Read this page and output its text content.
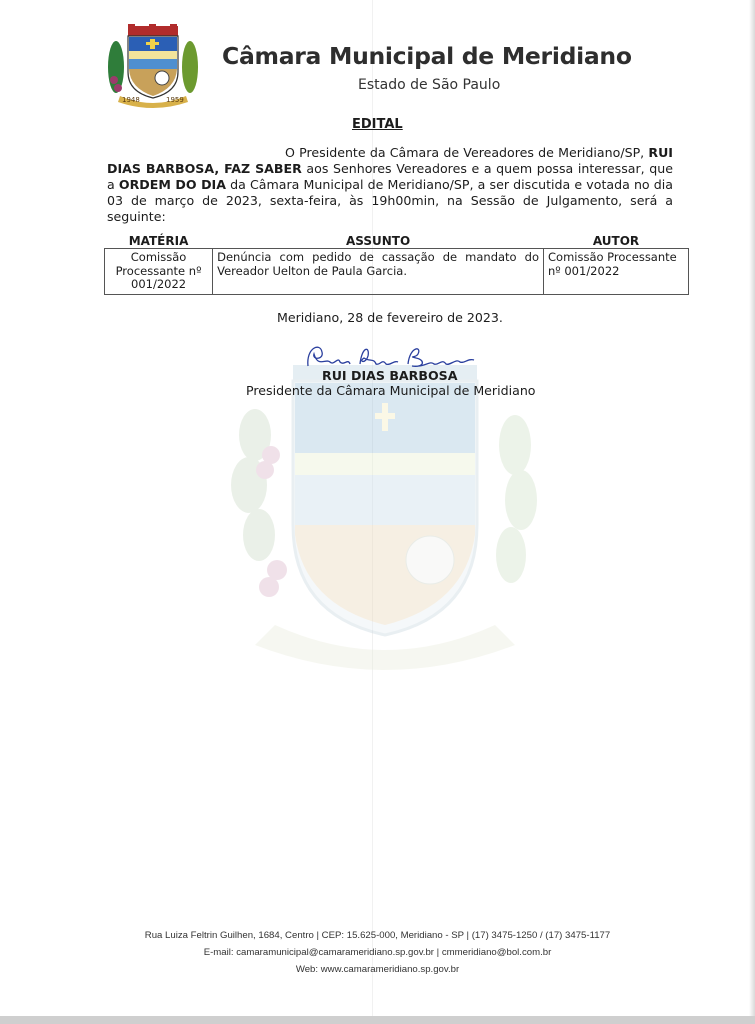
1948	1959
Câmara Municipal de Meridiano
Estado de São Paulo
EDITAL
O Presidente da Câmara de Vereadores de Meridiano/SP, RUI DIAS BARBOSA, FAZ SABER aos Senhores Vereadores e a quem possa interessar, que a ORDEM DO DIA da Câmara Municipal de Meridiano/SP, a ser discutida e votada no dia 03 de março de 2023, sexta-feira, às 19h00min, na Sessão de Julgamento, será a seguinte:
MATÉRIA	ASSUNTO	AUTOR
Comissão Processante nº 001/2022	Denúncia com pedido de cassação de mandato do Vereador Uelton de Paula Garcia.	Comissão Processante nº 001/2022
Meridiano, 28 de fevereiro de 2023.
RUI DIAS BARBOSA
Presidente da Câmara Municipal de Meridiano
Rua Luiza Feltrin Guilhen, 1684, Centro | CEP: 15.625-000, Meridiano - SP | (17) 3475-1250 / (17) 3475-1177
E-mail: camaramunicipal@camarameridiano.sp.gov.br | cmmeridiano@bol.com.br
Web: www.camarameridiano.sp.gov.br
